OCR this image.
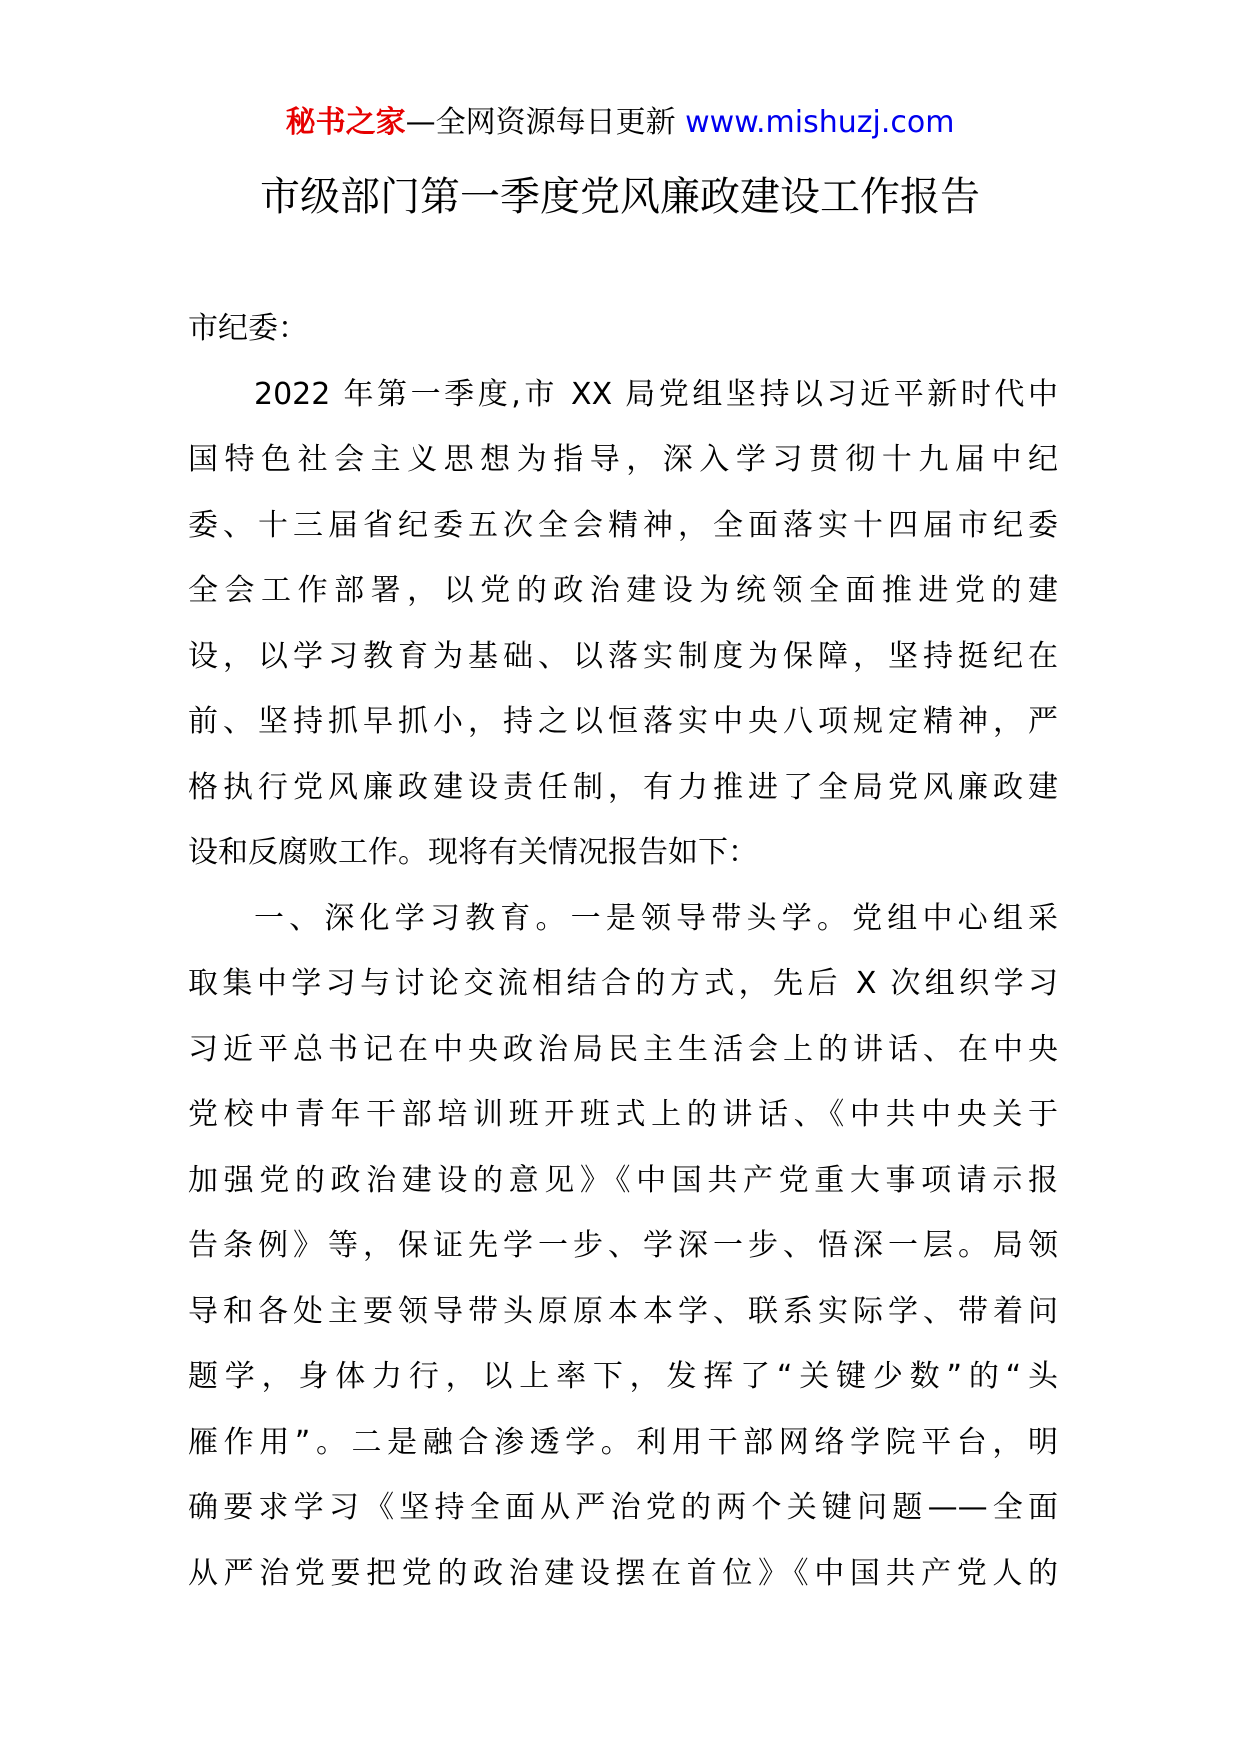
秘书之家—全网资源每日更新 www.mishuzj.com
市级部门第一季度党风廉政建设工作报告
市纪委：
2022 年第一季度,市 XX 局党组坚持以习近平新时代中
国特色社会主义思想为指导，深入学习贯彻十九届中纪
委、十三届省纪委五次全会精神，全面落实十四届市纪委
全会工作部署，以党的政治建设为统领全面推进党的建
设，以学习教育为基础、以落实制度为保障，坚持挺纪在
前、坚持抓早抓小，持之以恒落实中央八项规定精神，严
格执行党风廉政建设责任制，有力推进了全局党风廉政建
设和反腐败工作。现将有关情况报告如下：
一、深化学习教育。一是领导带头学。党组中心组采
取集中学习与讨论交流相结合的方式，先后 X 次组织学习
习近平总书记在中央政治局民主生活会上的讲话、在中央
党校中青年干部培训班开班式上的讲话、《中共中央关于
加强党的政治建设的意见》《中国共产党重大事项请示报
告条例》等，保证先学一步、学深一步、悟深一层。局领
导和各处主要领导带头原原本本学、联系实际学、带着问
题学，身体力行，以上率下，发挥了“关键少数”的“头
雁作用”。二是融合渗透学。利用干部网络学院平台，明
确要求学习《坚持全面从严治党的两个关键问题——全面
从严治党要把党的政治建设摆在首位》《中国共产党人的
